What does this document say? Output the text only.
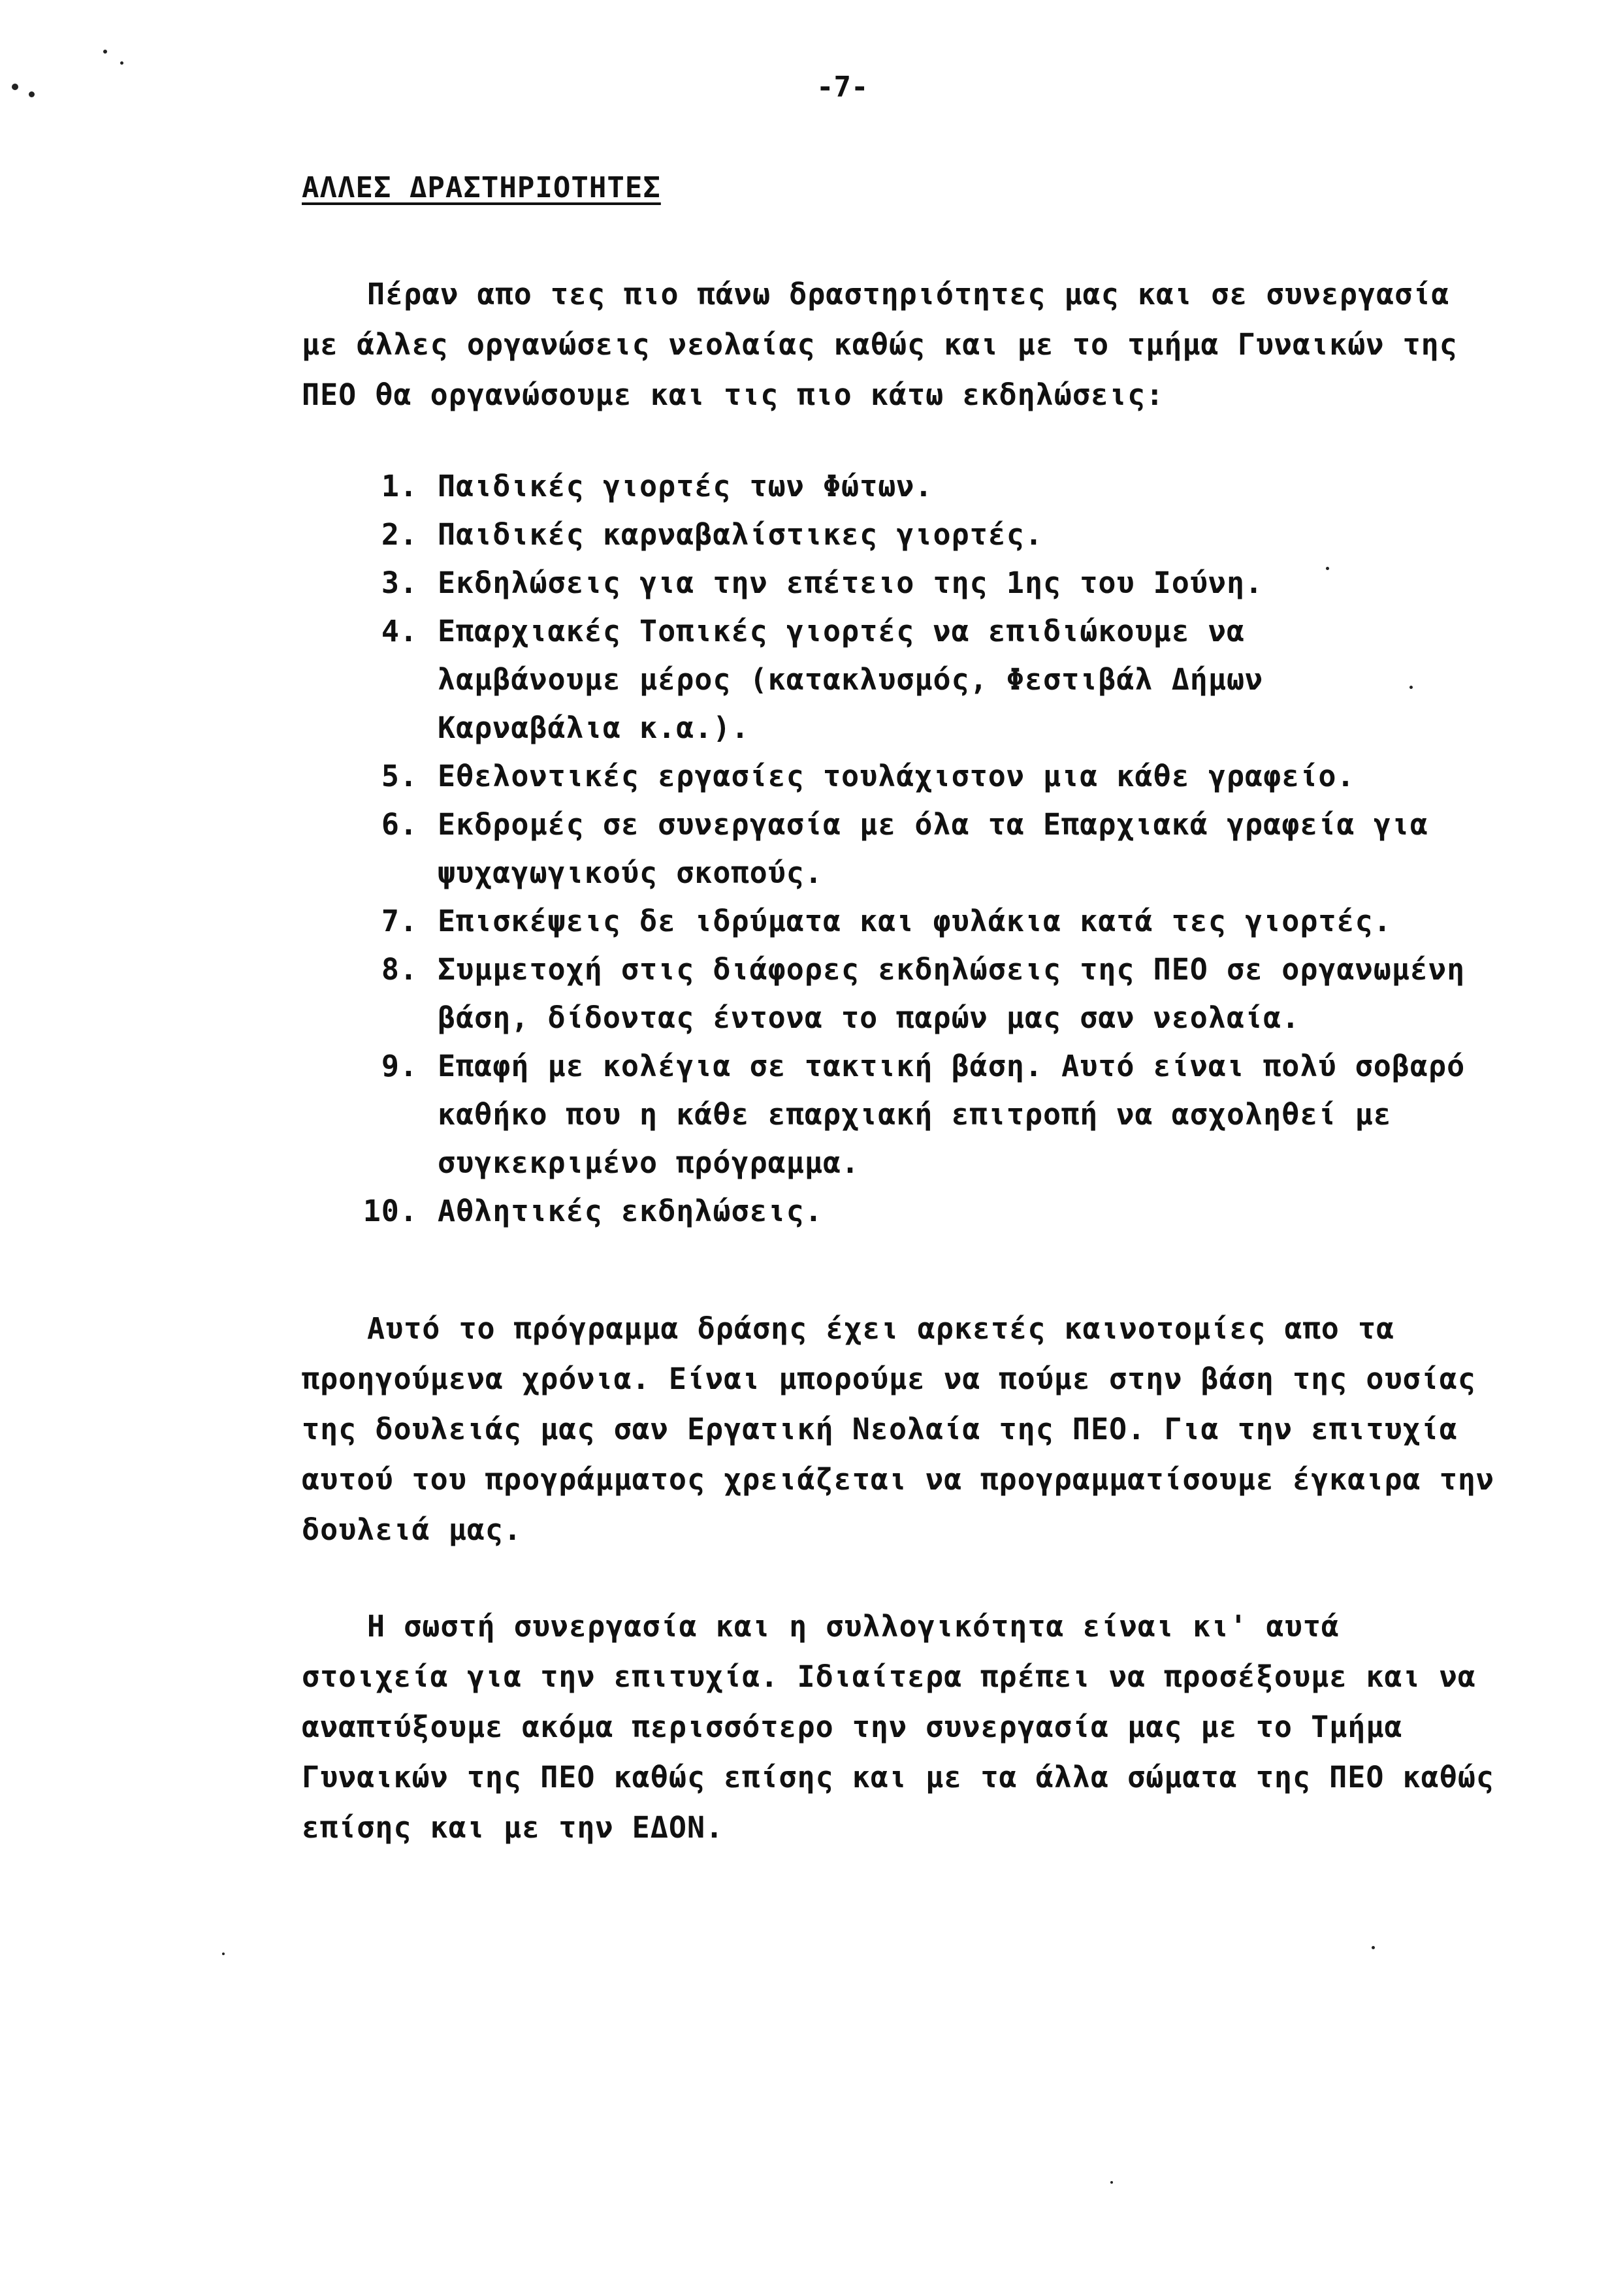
-7-
ΑΛΛΕΣ ΔΡΑΣΤΗΡΙΟΤΗΤΕΣ
Πέραν απο τες πιο πάνω δραστηριότητες μας και σε συνεργασία
με άλλες οργανώσεις νεολαίας καθώς και με το τμήμα Γυναικών της
ΠΕΟ θα οργανώσουμε και τις πιο κάτω εκδηλώσεις:
1. Παιδικές γιορτές των Φώτων.
2. Παιδικές καρναβαλίστικες γιορτές.
3. Εκδηλώσεις για την επέτειο της 1ης του Ιούνη.
4. Επαρχιακές Τοπικές γιορτές να επιδιώκουμε να
λαμβάνουμε μέρος (κατακλυσμός, Φεστιβάλ Δήμων
Καρναβάλια κ.α.).
5. Εθελοντικές εργασίες τουλάχιστον μια κάθε γραφείο.
6. Εκδρομές σε συνεργασία με όλα τα Επαρχιακά γραφεία για
ψυχαγωγικούς σκοπούς.
7. Επισκέψεις δε ιδρύματα και φυλάκια κατά τες γιορτές.
8. Συμμετοχή στις διάφορες εκδηλώσεις της ΠΕΟ σε οργανωμένη
βάση, δίδοντας έντονα το παρών μας σαν νεολαία.
9. Επαφή με κολέγια σε τακτική βάση. Αυτό είναι πολύ σοβαρό
καθήκο που η κάθε επαρχιακή επιτροπή να ασχοληθεί με
συγκεκριμένο πρόγραμμα.
10. Αθλητικές εκδηλώσεις.
Αυτό το πρόγραμμα δράσης έχει αρκετές καινοτομίες απο τα
προηγούμενα χρόνια. Είναι μπορούμε να πούμε στην βάση της ουσίας
της δουλειάς μας σαν Εργατική Νεολαία της ΠΕΟ. Για την επιτυχία
αυτού του προγράμματος χρειάζεται να προγραμματίσουμε έγκαιρα την
δουλειά μας.
Η σωστή συνεργασία και η συλλογικότητα είναι κι' αυτά
στοιχεία για την επιτυχία. Ιδιαίτερα πρέπει να προσέξουμε και να
αναπτύξουμε ακόμα περισσότερο την συνεργασία μας με το Τμήμα
Γυναικών της ΠΕΟ καθώς επίσης και με τα άλλα σώματα της ΠΕΟ καθώς
επίσης και με την ΕΔΟΝ.
